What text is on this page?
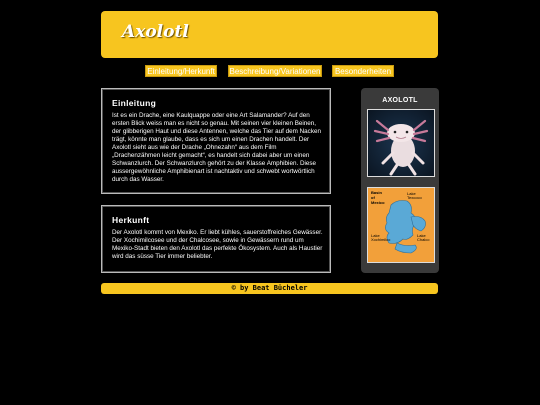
Axolotl
Einleitung/Herkunft Beschreibung/Variationen	Besonderheiten
Einleitung

Ist es ein Drache, eine Kaulquappe oder eine Art Salamander? Auf den ersten Blick weiss man es nicht so genau. Mit seinen vier kleinen Beinen, der glibberigen Haut und diese Antennen, welche das Tier auf dem Nacken trägt, könnte man glaube, dass es sich um einen Drachen handelt. Der Axolotl sieht aus wie der Drache „Ohnezahn“ aus dem Film „Drachenzähmen leicht gemacht“, es handelt sich dabei aber um einen Schwanzlurch. Der Schwanzlurch gehört zu der Klasse Amphibien. Diese aussergewöhnliche Amphibienart ist nachtaktiv und schwebt wortwörtlich durch das Wasser.

Herkunft

Der Axolotl kommt von Mexiko. Er liebt kühles, sauerstoffreiches Gewässer. Der Xochimilcosee und der Chalcosee, sowie in Gewässern rund um Mexiko-Stadt bieten den Axolotl das perfekte Ökosystem. Auch als Haustier wird das süsse Tier immer beliebter.

AXOLOTL
Basin
of
Mexico
Lake
Texcoco
Lake
Xochimilco
Lake
Chalco
© by Beat Bücheler
